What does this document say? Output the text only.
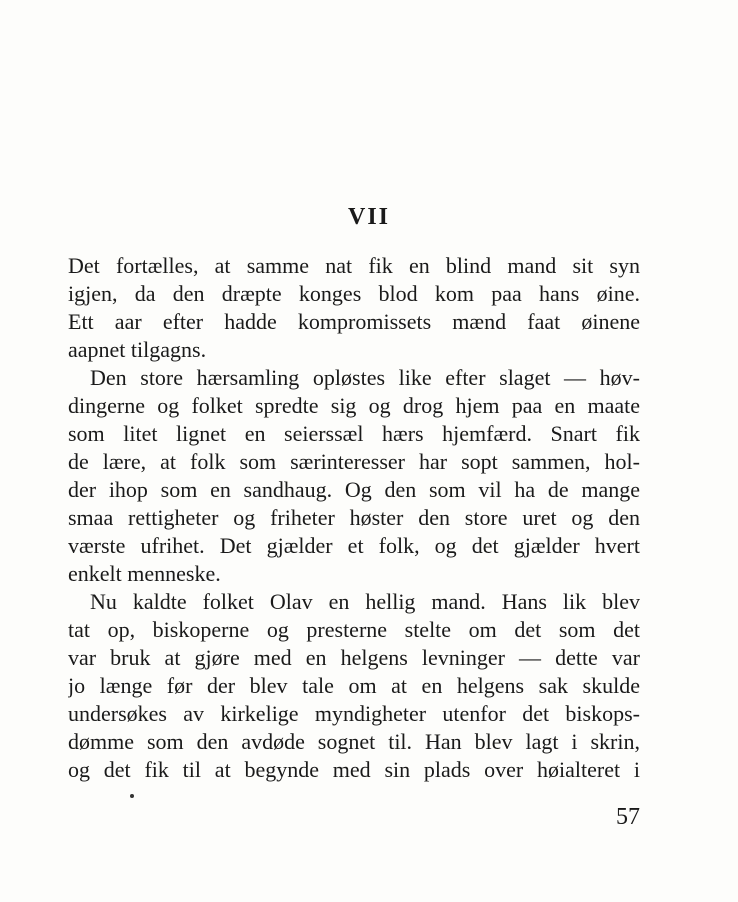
VII
Det fortælles, at samme nat fik en blind mand sit syn
igjen, da den dræpte konges blod kom paa hans øine.
Ett aar efter hadde kompromissets mænd faat øinene
aapnet tilgagns.
Den store hærsamling opløstes like efter slaget — høv-
dingerne og folket spredte sig og drog hjem paa en maate
som litet lignet en seierssæl hærs hjemfærd. Snart fik
de lære, at folk som særinteresser har sopt sammen, hol-
der ihop som en sandhaug. Og den som vil ha de mange
smaa rettigheter og friheter høster den store uret og den
værste ufrihet. Det gjælder et folk, og det gjælder hvert
enkelt menneske.
Nu kaldte folket Olav en hellig mand. Hans lik blev
tat op, biskoperne og presterne stelte om det som det
var bruk at gjøre med en helgens levninger — dette var
jo længe før der blev tale om at en helgens sak skulde
undersøkes av kirkelige myndigheter utenfor det biskops-
dømme som den avdøde sognet til. Han blev lagt i skrin,
og det fik til at begynde med sin plads over høialteret i

57
